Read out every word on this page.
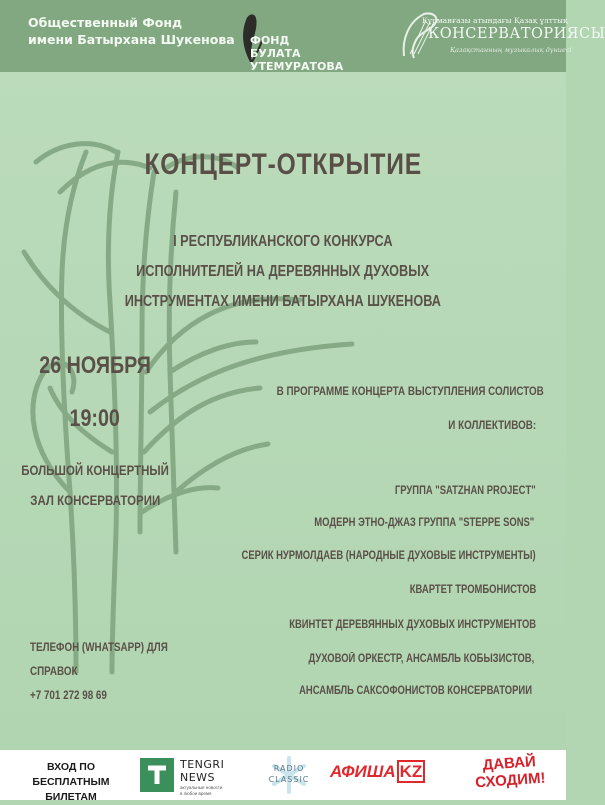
Общественный Фонд
имени Батырхана Шукенова ФОНД
БУЛАТА УТЕМУРАТОВА
Құрманғазы атындағы Қазақ ұлттық
КОНСЕРВАТОРИЯСЫ
Қазақстанның музыкалық дүниесі
КОНЦЕРТ-ОТКРЫТИЕ
I РЕСПУБЛИКАНСКОГО КОНКУРСА
ИСПОЛНИТЕЛЕЙ НА ДЕРЕВЯННЫХ ДУХОВЫХ
ИНСТРУМЕНТАХ ИМЕНИ БАТЫРХАНА ШУКЕНОВА
26 НОЯБРЯ
19:00
БОЛЬШОЙ КОНЦЕРТНЫЙ
ЗАЛ КОНСЕРВАТОРИИ
В ПРОГРАММЕ КОНЦЕРТА ВЫСТУПЛЕНИЯ СОЛИСТОВ
И КОЛЛЕКТИВОВ:
ГРУППА "SATZHAN PROJECT"
МОДЕРН ЭТНО-ДЖАЗ ГРУППА "STEPPE SONS"
СЕРИК НУРМОЛДАЕВ (НАРОДНЫЕ ДУХОВЫЕ ИНСТРУМЕНТЫ)
КВАРТЕТ ТРОМБОНИСТОВ
КВИНТЕТ ДЕРЕВЯННЫХ ДУХОВЫХ ИНСТРУМЕНТОВ
ДУХОВОЙ ОРКЕСТР, АНСАМБЛЬ КОБЫЗИСТОВ,
АНСАМБЛЬ САКСОФОНИСТОВ КОНСЕРВАТОРИИ
ТЕЛЕФОН (WHATSAPP) ДЛЯ
СПРАВОК
+7 701 272 98 69
ВХОД ПО БЕСПЛАТНЫМ
БИЛЕТАМ
TENGRI
NEWS
актуальные новости
в любое время
RADIO
CLASSIC	АФИША KZ	ДАВАЙ
СХОДИМ!
